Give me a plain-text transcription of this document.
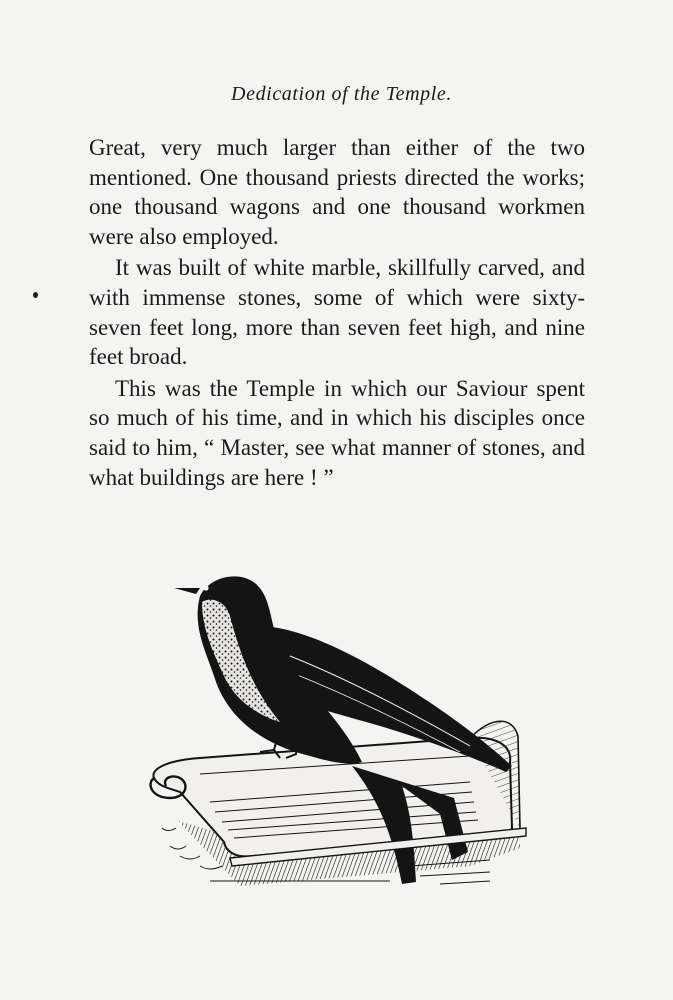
Dedication of the Temple.

Great, very much larger than either of the two mentioned. One thousand priests directed the works; one thousand wagons and one thousand workmen were also employed.

It was built of white marble, skillfully carved, and with immense stones, some of which were sixty-seven feet long, more than seven feet high, and nine feet broad.

This was the Temple in which our Saviour spent so much of his time, and in which his disciples once said to him, “ Master, see what manner of stones, and what buildings are here ! ”
